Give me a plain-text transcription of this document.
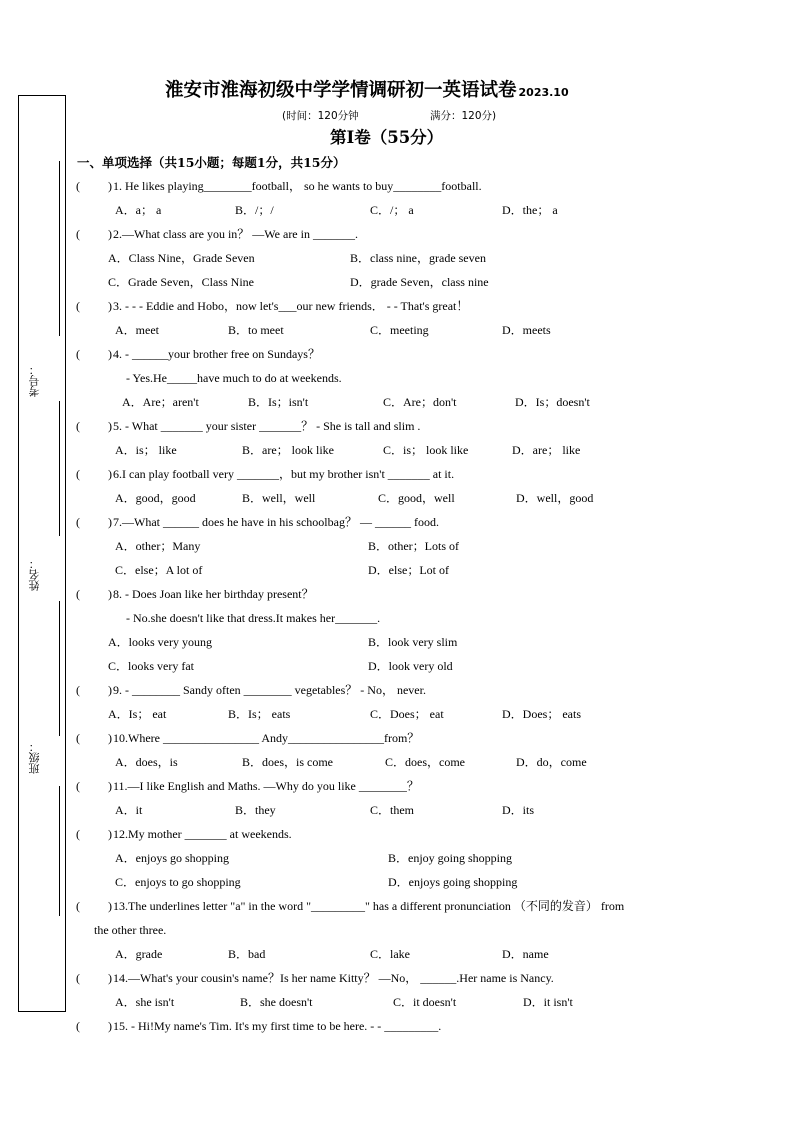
考号：
姓名：
班级：
淮安市淮海初级中学学情调研初一英语试卷 2023.10
(时间：120分钟	满分：120分)
第Ⅰ卷（55分）
一、单项选择（共15小题；每题1分，共15分）
( ) 1. He likes playing________football， so he wants to buy________football.
A．a； a	B．/；/	C．/； a	D．the； a
( ) 2.—What class are you in？ —We are in _______.
A．Class Nine，Grade Seven	B．class nine，grade seven
C．Grade Seven，Class Nine	D．grade Seven，class nine
( ) 3. - - - Eddie and Hobo，now let's___our new friends． - - That's great！
A．meet	B．to meet	C．meeting	D．meets
( ) 4. - ______your brother free on Sundays？
- Yes.He_____have much to do at weekends.
A．Are；aren't	B．Is；isn't	C．Are；don't	D．Is；doesn't
( ) 5. - What _______ your sister _______？ - She is tall and slim .
A．is； like	B．are； look like	C．is； look like	D．are； like
( ) 6.I can play football very _______，but my brother isn't _______ at it.
A．good，good	B．well，well	C．good，well	D．well，good
( ) 7.—What ______ does he have in his schoolbag？ — ______ food.
A．other；Many	B．other；Lots of
C．else；A lot of	D．else；Lot of
( ) 8. - Does Joan like her birthday present？
- No.she doesn't like that dress.It makes her_______.
A．looks very young	B．look very slim
C．looks very fat	D．look very old
( ) 9. - ________ Sandy often ________ vegetables？ - No， never.
A．Is； eat	B．Is； eats	C．Does； eat	D．Does； eats
( ) 10.Where ________________ Andy________________from？
A．does，is	B．does，is come	C．does，come	D．do，come
( ) 11.—I like English and Maths. —Why do you like ________？
A．it	B．they	C．them	D．its
( ) 12.My mother _______ at weekends.
A．enjoys go shopping	B．enjoy going shopping
C．enjoys to go shopping	D．enjoys going shopping
( ) 13.The underlines letter "a" in the word "_________" has a different pronunciation （不同的发音） from
the other three.
A．grade	B．bad	C．lake	D．name
( ) 14.—What's your cousin's name？Is her name Kitty？ —No， ______.Her name is Nancy.
A．she isn't	B．she doesn't	C．it doesn't	D．it isn't
( ) 15. - Hi!My name's Tim. It's my first time to be here. - - _________.
